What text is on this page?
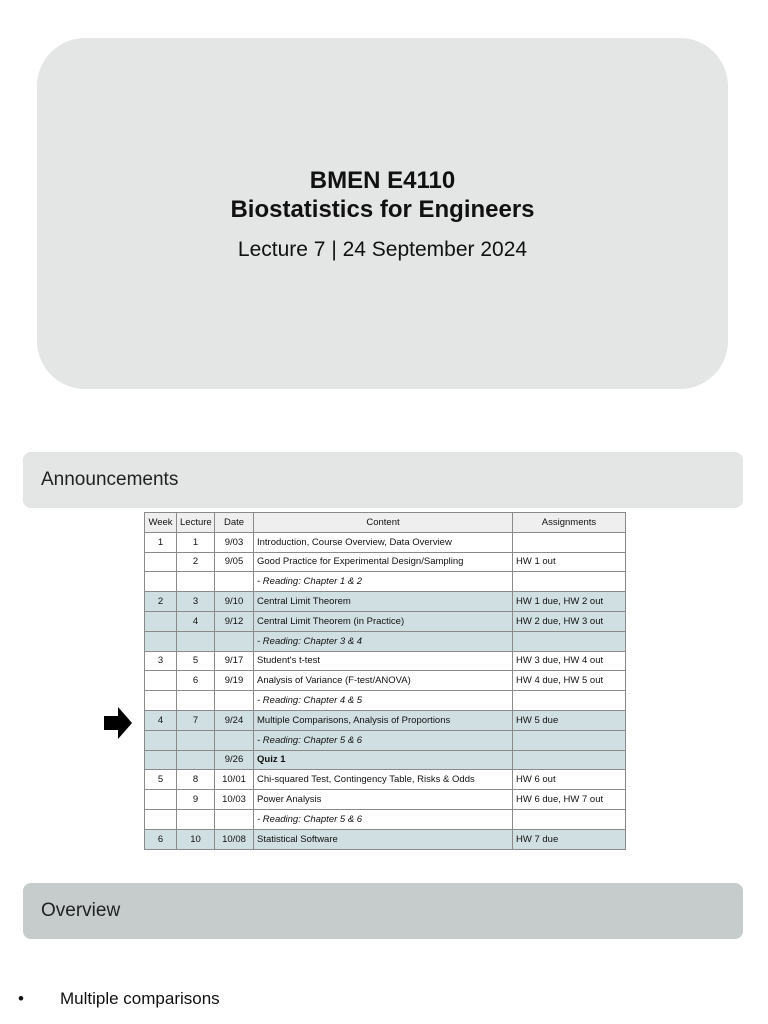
BMEN E4110
Biostatistics for Engineers
Lecture 7 | 24 September 2024
Announcements
Week	Lecture	Date	Content	Assignments
1	1	9/03	Introduction, Course Overview, Data Overview	
	2	9/05	Good Practice for Experimental Design/Sampling	HW 1 out
			- Reading: Chapter 1 & 2	
2	3	9/10	Central Limit Theorem	HW 1 due, HW 2 out
	4	9/12	Central Limit Theorem (in Practice)	HW 2 due, HW 3 out
			- Reading: Chapter 3 & 4	
3	5	9/17	Student's t-test	HW 3 due, HW 4 out
	6	9/19	Analysis of Variance (F-test/ANOVA)	HW 4 due, HW 5 out
			- Reading: Chapter 4 & 5	
4	7	9/24	Multiple Comparisons, Analysis of Proportions	HW 5 due
			- Reading: Chapter 5 & 6	
		9/26	Quiz 1	
5	8	10/01	Chi-squared Test, Contingency Table, Risks & Odds	HW 6 out
	9	10/03	Power Analysis	HW 6 due, HW 7 out
			- Reading: Chapter 5 & 6	
6	10	10/08	Statistical Software	HW 7 due
Overview
•	Multiple comparisons
